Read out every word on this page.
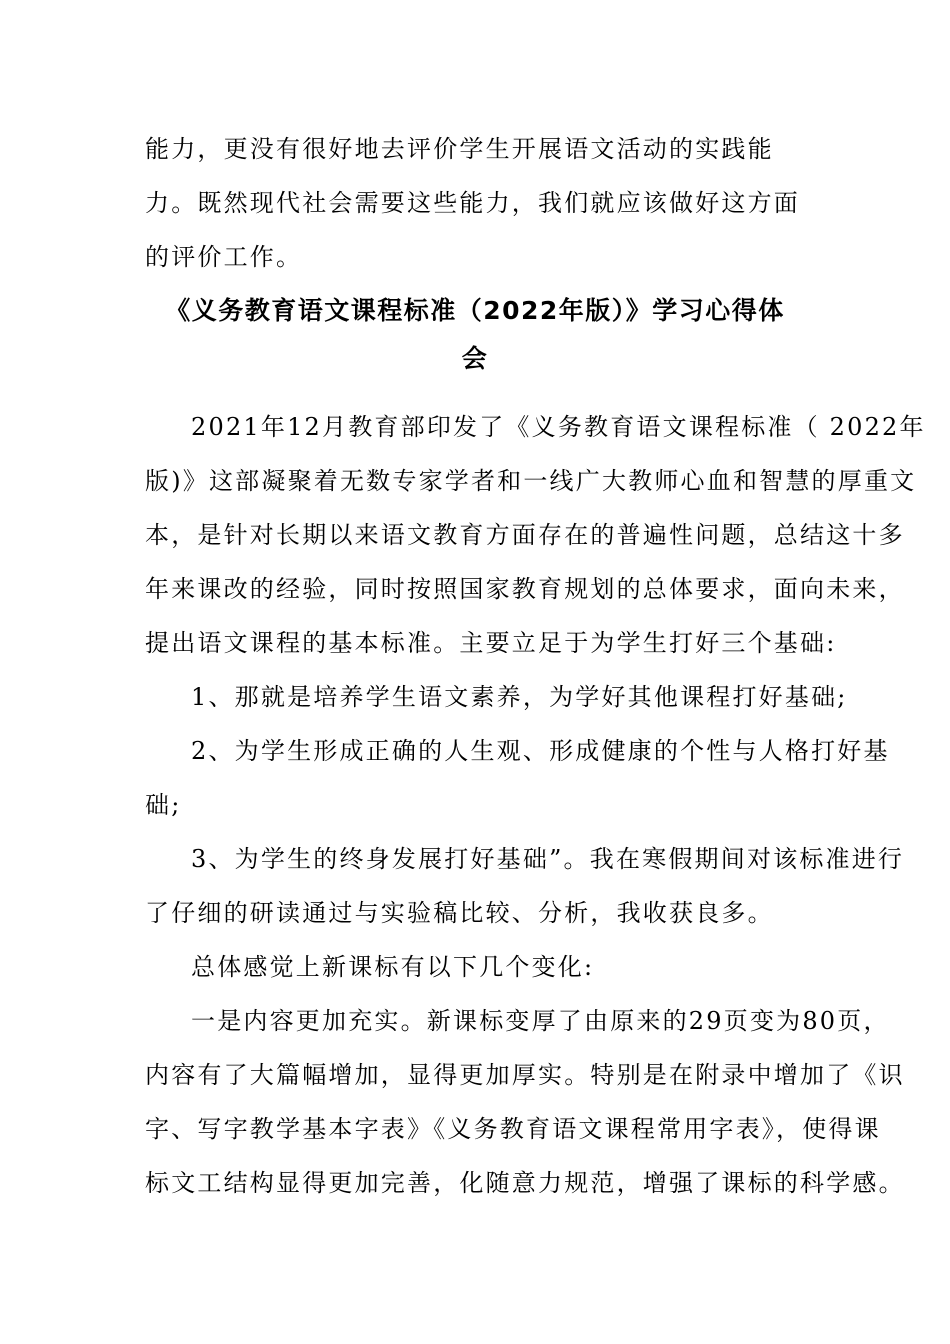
能力，更没有很好地去评价学生开展语文活动的实践能
力。既然现代社会需要这些能力，我们就应该做好这方面
的评价工作。
《义务教育语文课程标准（2022年版）》学习心得体
会
2021年12月教育部印发了《义务教育语文课程标准（ 2022年
版)》这部凝聚着无数专家学者和一线广大教师心血和智慧的厚重文
本，是针对长期以来语文教育方面存在的普遍性问题，总结这十多
年来课改的经验，同时按照国家教育规划的总体要求，面向未来，
提出语文课程的基本标准。主要立足于为学生打好三个基础:
1、那就是培养学生语文素养，为学好其他课程打好基础;
2、为学生形成正确的人生观、形成健康的个性与人格打好基
础;
3、为学生的终身发展打好基础”。我在寒假期间对该标准进行
了仔细的研读通过与实验稿比较、分析，我收获良多。
总体感觉上新课标有以下几个变化:
一是内容更加充实。新课标变厚了由原来的29页变为80页，
内容有了大篇幅增加，显得更加厚实。特别是在附录中增加了《识
字、写字教学基本字表》《义务教育语文课程常用字表》，使得课
标文工结构显得更加完善，化随意力规范，增强了课标的科学感。
